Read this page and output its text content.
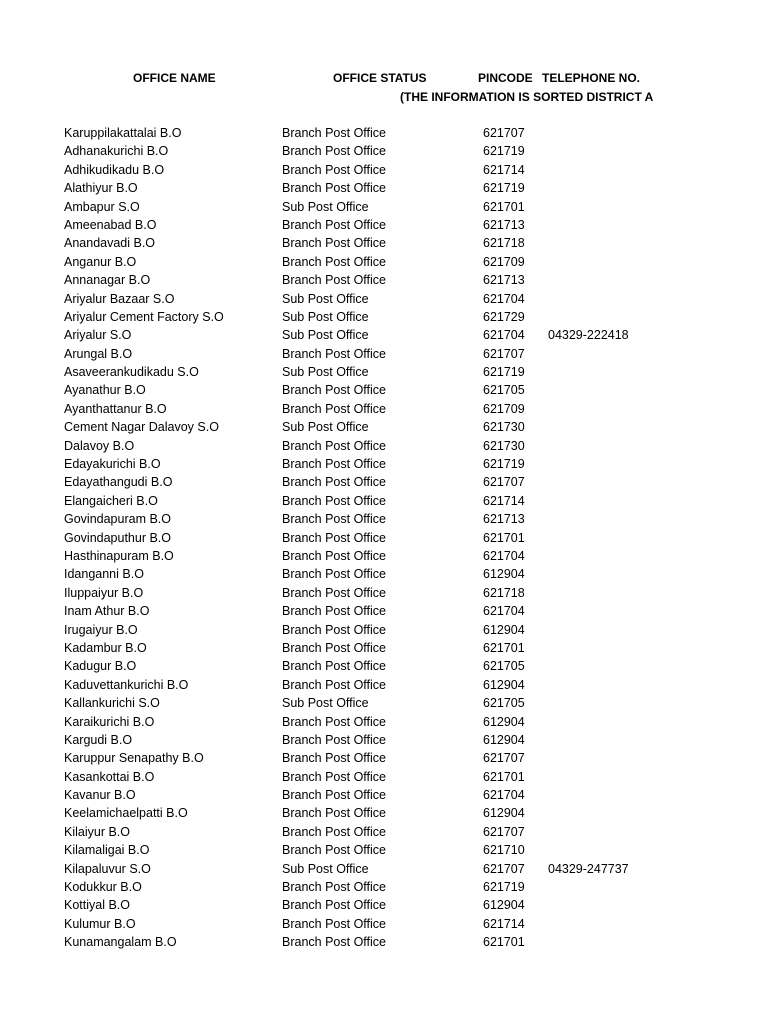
OFFICE NAME	OFFICE STATUS	PINCODE TELEPHONE NO.
(THE INFORMATION IS SORTED DISTRICT A
Karuppilakattalai B.O	Branch Post Office	621707
Adhanakurichi B.O	Branch Post Office	621719
Adhikudikadu B.O	Branch Post Office	621714
Alathiyur B.O	Branch Post Office	621719
Ambapur S.O	Sub Post Office	621701
Ameenabad B.O	Branch Post Office	621713
Anandavadi B.O	Branch Post Office	621718
Anganur B.O	Branch Post Office	621709
Annanagar B.O	Branch Post Office	621713
Ariyalur Bazaar S.O	Sub Post Office	621704
Ariyalur Cement Factory S.O	Sub Post Office	621729
Ariyalur S.O	Sub Post Office	621704 04329-222418
Arungal B.O	Branch Post Office	621707
Asaveerankudikadu S.O	Sub Post Office	621719
Ayanathur B.O	Branch Post Office	621705
Ayanthattanur B.O	Branch Post Office	621709
Cement Nagar Dalavoy S.O	Sub Post Office	621730
Dalavoy B.O	Branch Post Office	621730
Edayakurichi B.O	Branch Post Office	621719
Edayathangudi B.O	Branch Post Office	621707
Elangaicheri B.O	Branch Post Office	621714
Govindapuram B.O	Branch Post Office	621713
Govindaputhur B.O	Branch Post Office	621701
Hasthinapuram B.O	Branch Post Office	621704
Idanganni B.O	Branch Post Office	612904
Iluppaiyur B.O	Branch Post Office	621718
Inam Athur B.O	Branch Post Office	621704
Irugaiyur B.O	Branch Post Office	612904
Kadambur B.O	Branch Post Office	621701
Kadugur B.O	Branch Post Office	621705
Kaduvettankurichi B.O	Branch Post Office	612904
Kallankurichi S.O	Sub Post Office	621705
Karaikurichi B.O	Branch Post Office	612904
Kargudi B.O	Branch Post Office	612904
Karuppur Senapathy B.O	Branch Post Office	621707
Kasankottai B.O	Branch Post Office	621701
Kavanur B.O	Branch Post Office	621704
Keelamichaelpatti B.O	Branch Post Office	612904
Kilaiyur B.O	Branch Post Office	621707
Kilamaligai B.O	Branch Post Office	621710
Kilapaluvur S.O	Sub Post Office	621707 04329-247737
Kodukkur B.O	Branch Post Office	621719
Kottiyal B.O	Branch Post Office	612904
Kulumur B.O	Branch Post Office	621714
Kunamangalam B.O	Branch Post Office	621701
